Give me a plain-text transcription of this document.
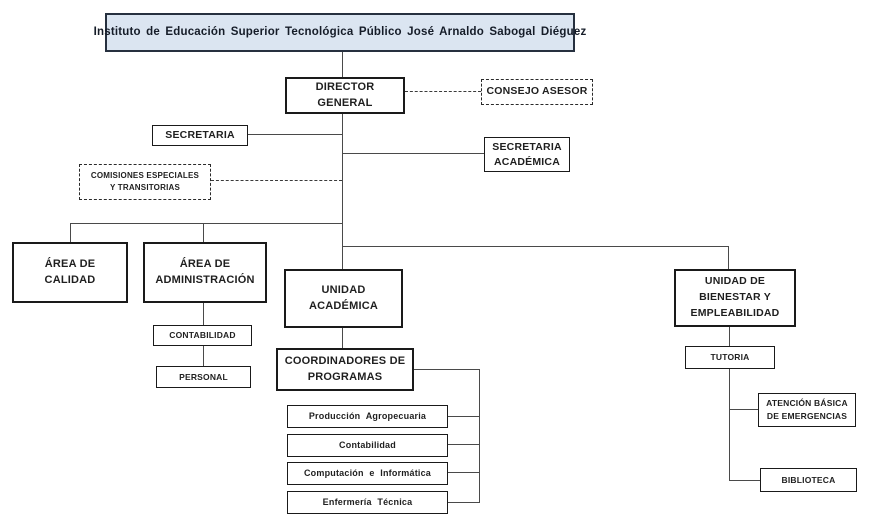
Instituto de Educación Superior Tecnológica Público José Arnaldo Sabogal Diéguez
DIRECTOR
GENERAL
CONSEJO ASESOR
SECRETARIA
SECRETARIA
ACADÉMICA
COMISIONES ESPECIALES
Y TRANSITORIAS
ÁREA DE
CALIDAD
ÁREA DE
ADMINISTRACIÓN
CONTABILIDAD
PERSONAL
UNIDAD
ACADÉMICA
COORDINADORES DE
PROGRAMAS
Producción Agropecuaria
Contabilidad
Computación e Informática
Enfermería Técnica
UNIDAD DE
BIENESTAR Y
EMPLEABILIDAD
TUTORIA
ATENCIÓN BÁSICA
DE EMERGENCIAS
BIBLIOTECA
